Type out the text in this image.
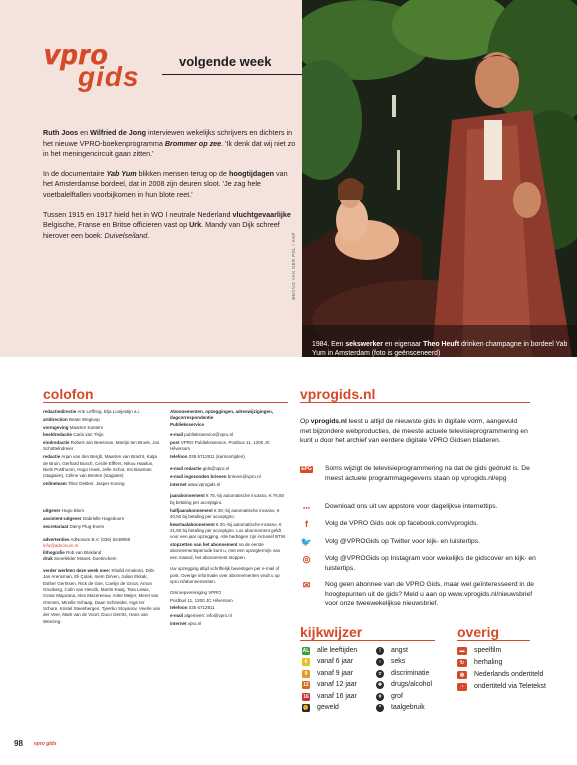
vpro
gids	volgende week

Ruth Joos en Wilfried de Jong interviewen wekelijks schrijvers en dichters in het nieuwe VPRO-boekenprogramma Brommer op zee. 'Ik denk dat wij niet zo in het meningencircuit gaan zitten.'

In de documentaire Yab Yum blikken mensen terug op de hoogtijdagen van het Amsterdamse bordeel, dat in 2008 zijn deuren sloot. 'Je zag hele voetbalelftallen voorbijkomen in hun blote reet.'

Tussen 1915 en 1917 hield het in WO I neutrale Nederland vluchtgevaarlijke Belgische, Franse en Britse officieren vast op Urk. Mandy van Dijk schreef hierover een boek: Duivelseiland.	MENNO VAN DER POL / ANP
1984. Een sekswerker en eigenaar Theo Heuft drinken champagne in bordeel Yab Yum in Amsterdam (foto is geënsceneerd)
colofon

redactiedirectie Arie Leffring, Elja Looijestijn a.i.

artdirection Beate Wegloop

vormgeving Maarten Kanters

beeldredactie Carla van Thijn

eindredactie Robert-Jan Beesman, Martijn ten Broek, Jos Schöttelndreier

redactie Arjan van den Bergh, Maarten van Bracht, Katja de Bruin, Gerhard Busch, Cecile Elffers, Nikou Haaitus, Niels Posthoorn, Hugo Hoek, Jelle Schot, Iris Bowman (stagiaire), Céline van Benten (stagiaire)

onlineteam Tibor Dekker, Jasper Koning

uitgever Hugo Blom

assistent-uitgever Gabrielle Hagedoorn

secretariaat Dieny Plug-Evers

advertenties AdNovum B.V. (036) 5249059
info@adnovum.nl
lithografie Rob van Blokland
druk Senefelder Misset, Doetinchem

verder werkten deze week mee: Khalid Amakran, Dirk-Jan Arensman, Eli Çolak, Inem Dirven, Julian Ekkak, Esther Gerritsen, Rick de Gier, Coelijn de Groot, Arnon Grunberg, Colin van Heezik, Martin Kaaij, Tara Lewis, Cesar Majorana, Alex Mazereeuw, Anke Meijer, Merel van Ommen, Mireille Schaap, Daan Schneider, Inge ter Schure, Kristel Steenbergen, Tjeerko Stoyanov, Veerle van der Veer, Mark van de Voort, Duco Gerrits, Hans van Weezing

Abonnementen, opzeggingen, adreswijzigingen, dagcorrespondentie
Publieksservice

e-mail publieksservice@vpro.nl

post VPRO Publieksservice, Postbus 11, 1200 JC Hilversum

telefoon 035 6712911 (kantoortijden)

e-mail redactie gids@vpro.nl

e-mail ingezonden brieven brieven@vpro.nl

internet www.vprogids.nl

jaarabonnement € 75,-bij automatische incasso, € 76,50 bij betaling per acceptgiro.

halfjaarabonnement € 39,-bij automatische incasso, € 40,50 bij betaling per acceptgiro.

kwartaalabonnement € 20,-bij automatische incasso, € 21,50 bij betaling per acceptgiro. Los abonnement geldt voor een jaar opzegging. Alle bedragen zijn inclusief BTW.

stopzetten van het abonnement na de eerste abonnementsperiode kunt u, met een opzegtermijn van een maand, het abonnement stoppen.

Uw opzegging altijd schriftelijk bevestigen per e-mail of post. Overige informatie over abonnementen vindt u op vpro.nl/abonnementen.

Omroepvereniging VPRO

Postbus 11, 1200 JC Hilversum

telefoon 035 6712911

e-mail algemeen: info@vpro.nl

internet vpro.nl

vprogids.nl
Op vprogids.nl leest u altijd de nieuwste gids in digitale vorm, aangevuld met bijzondere webproducties, de meeste actuele televisieprogrammering en kunt u door het archief van eerdere digitale VPRO Gidsen bladeren.
EPG Soms wijzigt de televisieprogrammering na dat de gids gedrukt is. De meest actuele programmagegevens staan op vprogids.nl/epg
●●●	Download ons uit uw appstore voor dagelijkse internettips.
f	Volg de VPRO Gids ook op facebook.com/vprogids.
🐦 Volg @VPROGids op Twitter voor kijk- en luistertips.
◎	Volg @VPROGids op Instagram voor wekelijks de gidscover en kijk- en luistertips.
✉	Nog geen abonnee van de VPRO Gids, maar wel geïnteresseerd in de hoogtepunten uit de gids? Meld u aan op www.vprogids.nl/nieuwsbrief voor onze tweewekelijkse nieuwsbrief.
kijkwijzer
AL alle leeftijden
6	vanaf 6 jaar
9	vanaf 9 jaar
12 vanaf 12 jaar
16 vanaf 16 jaar
✊ geweld
!	angst
♀	seks
≠	discriminatie
✚ drugs/alcohol
#	grof
*	taalgebruik
overig
▬	speelfilm
↻	herhaling
◍	Nederlands ondertiteld
◔	ondertiteld via Teletekst
98 vpro gids
